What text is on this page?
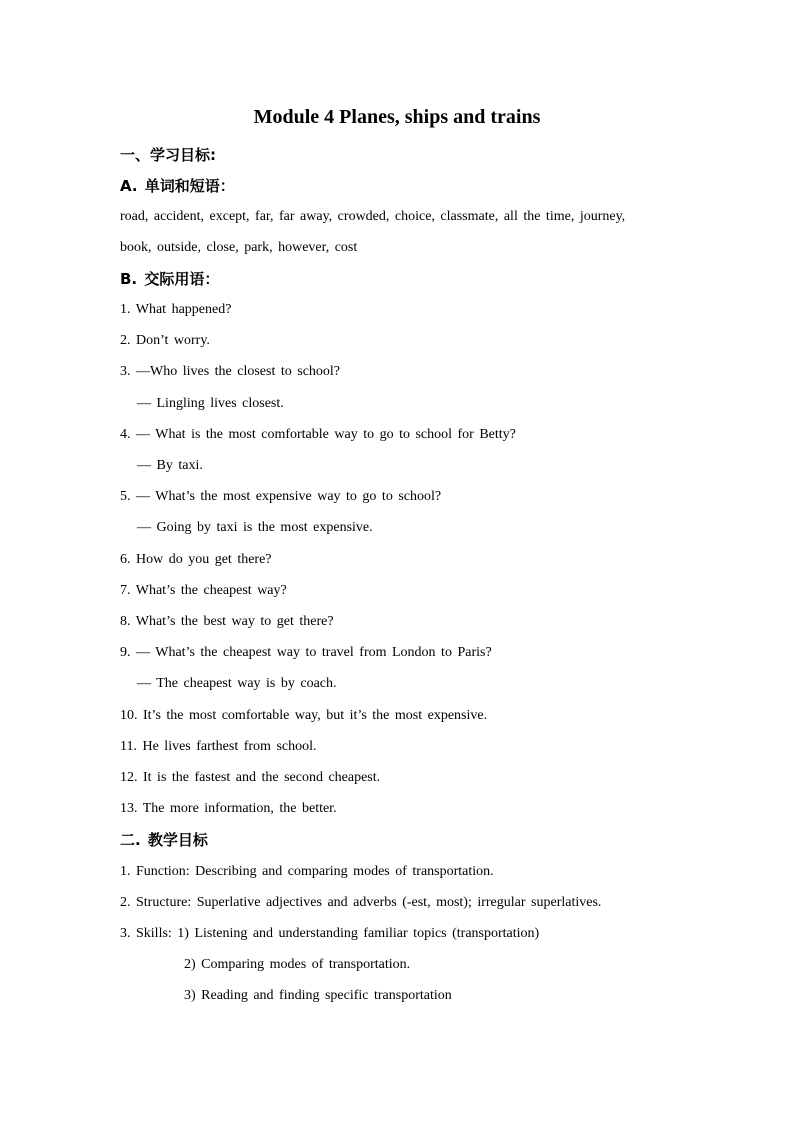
Module 4 Planes, ships and trains
一、学习目标:
A. 单词和短语：
road, accident, except, far, far away, crowded, choice, classmate, all the time, journey,
book, outside, close, park, however, cost
B. 交际用语：
1. What happened?
2. Don’t worry.
3. —Who lives the closest to school?
— Lingling lives closest.
4. — What is the most comfortable way to go to school for Betty?
— By taxi.
5. — What’s the most expensive way to go to school?
— Going by taxi is the most expensive.
6. How do you get there?
7. What’s the cheapest way?
8. What’s the best way to get there?
9. — What’s the cheapest way to travel from London to Paris?
— The cheapest way is by coach.
10. It’s the most comfortable way, but it’s the most expensive.
11. He lives farthest from school.
12. It is the fastest and the second cheapest.
13. The more information, the better.
二. 教学目标
1. Function: Describing and comparing modes of transportation.
2. Structure: Superlative adjectives and adverbs (-est, most); irregular superlatives.
3. Skills: 1) Listening and understanding familiar topics (transportation)
2) Comparing modes of transportation.
3) Reading and finding specific transportation
